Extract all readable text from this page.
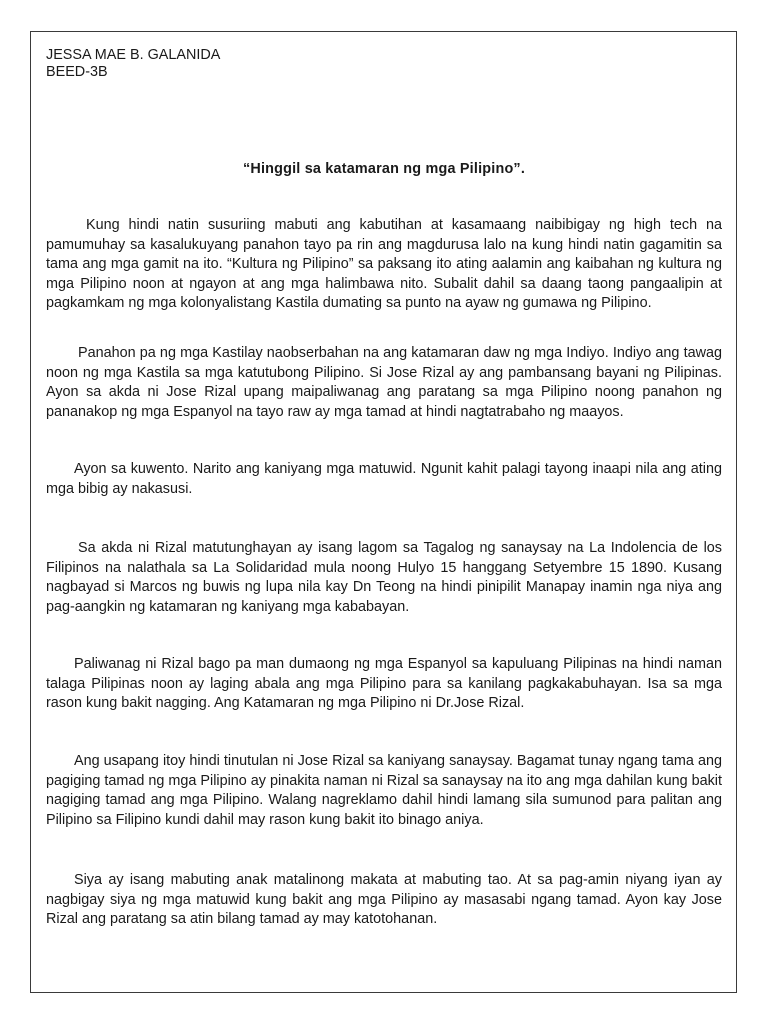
JESSA MAE B. GALANIDA
BEED-3B
“Hinggil sa katamaran ng mga Pilipino”.

Kung hindi natin susuriing mabuti ang kabutihan at kasamaang naibibigay ng high tech na pamumuhay sa kasalukuyang panahon tayo pa rin ang magdurusa lalo na kung hindi natin gagamitin sa tama ang mga gamit na ito. “Kultura ng Pilipino” sa paksang ito ating aalamin ang kaibahan ng kultura ng mga Pilipino noon at ngayon at ang mga halimbawa nito. Subalit dahil sa daang taong pangaalipin at pagkamkam ng mga kolonyalistang Kastila dumating sa punto na ayaw ng gumawa ng Pilipino.

Panahon pa ng mga Kastilay naobserbahan na ang katamaran daw ng mga Indiyo. Indiyo ang tawag noon ng mga Kastila sa mga katutubong Pilipino. Si Jose Rizal ay ang pambansang bayani ng Pilipinas. Ayon sa akda ni Jose Rizal upang maipaliwanag ang paratang sa mga Pilipino noong panahon ng pananakop ng mga Espanyol na tayo raw ay mga tamad at hindi nagtatrabaho ng maayos.

Ayon sa kuwento. Narito ang kaniyang mga matuwid. Ngunit kahit palagi tayong inaapi nila ang ating mga bibig ay nakasusi.

Sa akda ni Rizal matutunghayan ay isang lagom sa Tagalog ng sanaysay na La Indolencia de los Filipinos na nalathala sa La Solidaridad mula noong Hulyo 15 hanggang Setyembre 15 1890. Kusang nagbayad si Marcos ng buwis ng lupa nila kay Dn Teong na hindi pinipilit Manapay inamin nga niya ang pag-aangkin ng katamaran ng kaniyang mga kababayan.

Paliwanag ni Rizal bago pa man dumaong ng mga Espanyol sa kapuluang Pilipinas na hindi naman talaga Pilipinas noon ay laging abala ang mga Pilipino para sa kanilang pagkakabuhayan. Isa sa mga rason kung bakit nagging. Ang Katamaran ng mga Pilipino ni Dr.Jose Rizal.

Ang usapang itoy hindi tinutulan ni Jose Rizal sa kaniyang sanaysay. Bagamat tunay ngang tama ang pagiging tamad ng mga Pilipino ay pinakita naman ni Rizal sa sanaysay na ito ang mga dahilan kung bakit nagiging tamad ang mga Pilipino. Walang nagreklamo dahil hindi lamang sila sumunod para palitan ang Pilipino sa Filipino kundi dahil may rason kung bakit ito binago aniya.

Siya ay isang mabuting anak matalinong makata at mabuting tao. At sa pag-amin niyang iyan ay nagbigay siya ng mga matuwid kung bakit ang mga Pilipino ay masasabi ngang tamad. Ayon kay Jose Rizal ang paratang sa atin bilang tamad ay may katotohanan.
